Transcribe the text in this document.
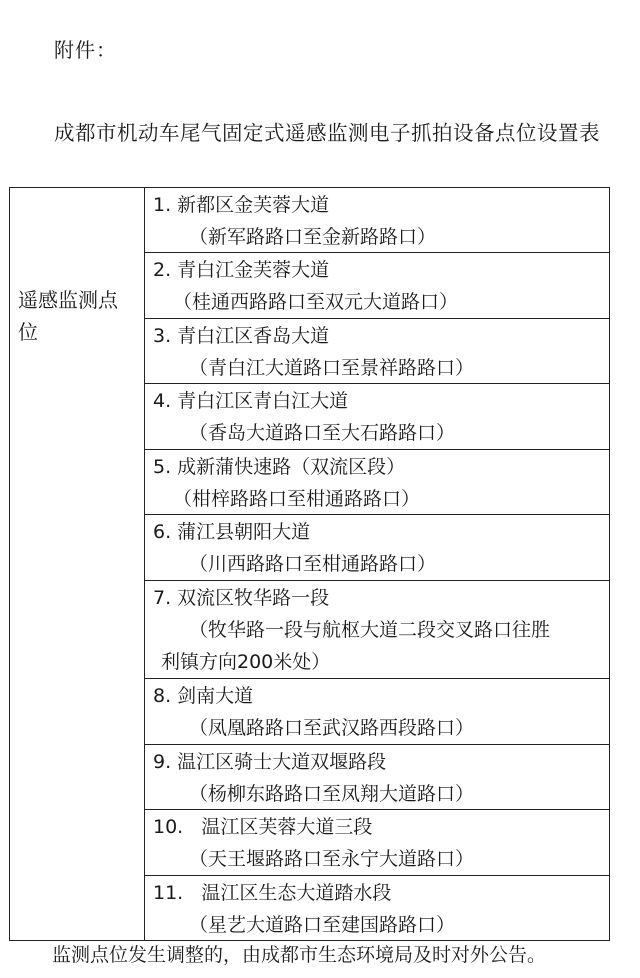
附件：
成都市机动车尾气固定式遥感监测电子抓拍设备点位设置表
遥感监测点位
1. 新都区金芙蓉大道
（新军路路口至金新路路口）
2. 青白江金芙蓉大道
（桂通西路路口至双元大道路口）
3. 青白江区香岛大道
（青白江大道路口至景祥路路口）
4. 青白江区青白江大道
（香岛大道路口至大石路路口）
5. 成新蒲快速路（双流区段）
（柑梓路路口至柑通路路口）
6. 蒲江县朝阳大道
（川西路路口至柑通路路口）
7. 双流区牧华路一段
（牧华路一段与航枢大道二段交叉路口往胜
利镇方向200米处）
8. 剑南大道
（凤凰路路口至武汉路西段路口）
9. 温江区骑士大道双堰路段
（杨柳东路路口至凤翔大道路口）
10.   温江区芙蓉大道三段
（天王堰路路口至永宁大道路口）
11.   温江区生态大道踏水段
（星艺大道路口至建国路路口）
监测点位发生调整的，由成都市生态环境局及时对外公告。
